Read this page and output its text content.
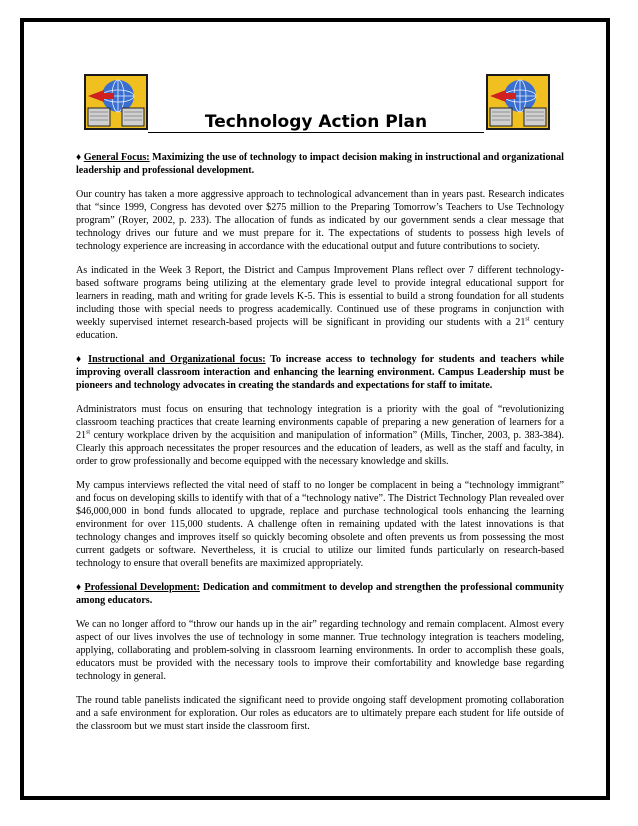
Technology Action Plan

♦ General Focus: Maximizing the use of technology to impact decision making in instructional and organizational leadership and professional development.

Our country has taken a more aggressive approach to technological advancement than in years past. Research indicates that “since 1999, Congress has devoted over $275 million to the Preparing Tomorrow’s Teachers to Use Technology program” (Royer, 2002, p. 233). The allocation of funds as indicated by our government sends a clear message that technology drives our future and we must prepare for it. The expectations of students to possess high levels of technology experience are increasing in accordance with the educational output and future contributions to society.

As indicated in the Week 3 Report, the District and Campus Improvement Plans reflect over 7 different technology-based software programs being utilizing at the elementary grade level to provide integral educational support for learners in reading, math and writing for grade levels K-5. This is essential to build a strong foundation for all students including those with special needs to progress academically. Continued use of these programs in conjunction with weekly supervised internet research-based projects will be significant in providing our students with a 21st century education.

♦ Instructional and Organizational focus: To increase access to technology for students and teachers while improving overall classroom interaction and enhancing the learning environment. Campus Leadership must be pioneers and technology advocates in creating the standards and expectations for staff to imitate.

Administrators must focus on ensuring that technology integration is a priority with the goal of “revolutionizing classroom teaching practices that create learning environments capable of preparing a new generation of learners for a 21st century workplace driven by the acquisition and manipulation of information” (Mills, Tincher, 2003, p. 383-384). Clearly this approach necessitates the proper resources and the education of leaders, as well as the staff and faculty, in order to grow professionally and become equipped with the necessary knowledge and skills.

My campus interviews reflected the vital need of staff to no longer be complacent in being a “technology immigrant” and focus on developing skills to identify with that of a “technology native”. The District Technology Plan revealed over $46,000,000 in bond funds allocated to upgrade, replace and purchase technological tools enhancing the learning environment for over 115,000 students. A challenge often in remaining updated with the latest innovations is that technology changes and improves itself so quickly becoming obsolete and often prevents us from possessing the most current gadgets or software. Nevertheless, it is crucial to utilize our limited funds particularly on research-based technology to ensure that overall benefits are maximized appropriately.

♦ Professional Development: Dedication and commitment to develop and strengthen the professional community among educators.

We can no longer afford to “throw our hands up in the air” regarding technology and remain complacent. Almost every aspect of our lives involves the use of technology in some manner. True technology integration is teachers modeling, applying, collaborating and problem-solving in classroom learning environments. In order to accomplish these goals, educators must be provided with the necessary tools to improve their comfortability and knowledge base regarding technology in general.

The round table panelists indicated the significant need to provide ongoing staff development promoting collaboration and a safe environment for exploration. Our roles as educators are to ultimately prepare each student for life outside of the classroom but we must start inside the classroom first.
